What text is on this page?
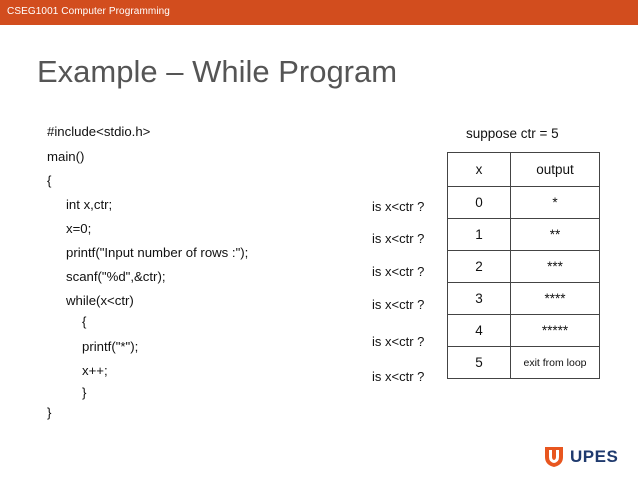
CSEG1001 Computer Programming
Example – While Program
#include<stdio.h>
main()
{
int x,ctr;
x=0;
printf("Input number of rows :");
scanf("%d",&ctr);
while(x<ctr)
{
printf("*");
x++;
}
}
suppose ctr = 5
is x<ctr ?
is x<ctr ?
is x<ctr ?
is x<ctr ?
is x<ctr ?
is x<ctr ?
x	output
0	*
1	**
2	***
3	****
4	*****
5	exit from loop
UPES
